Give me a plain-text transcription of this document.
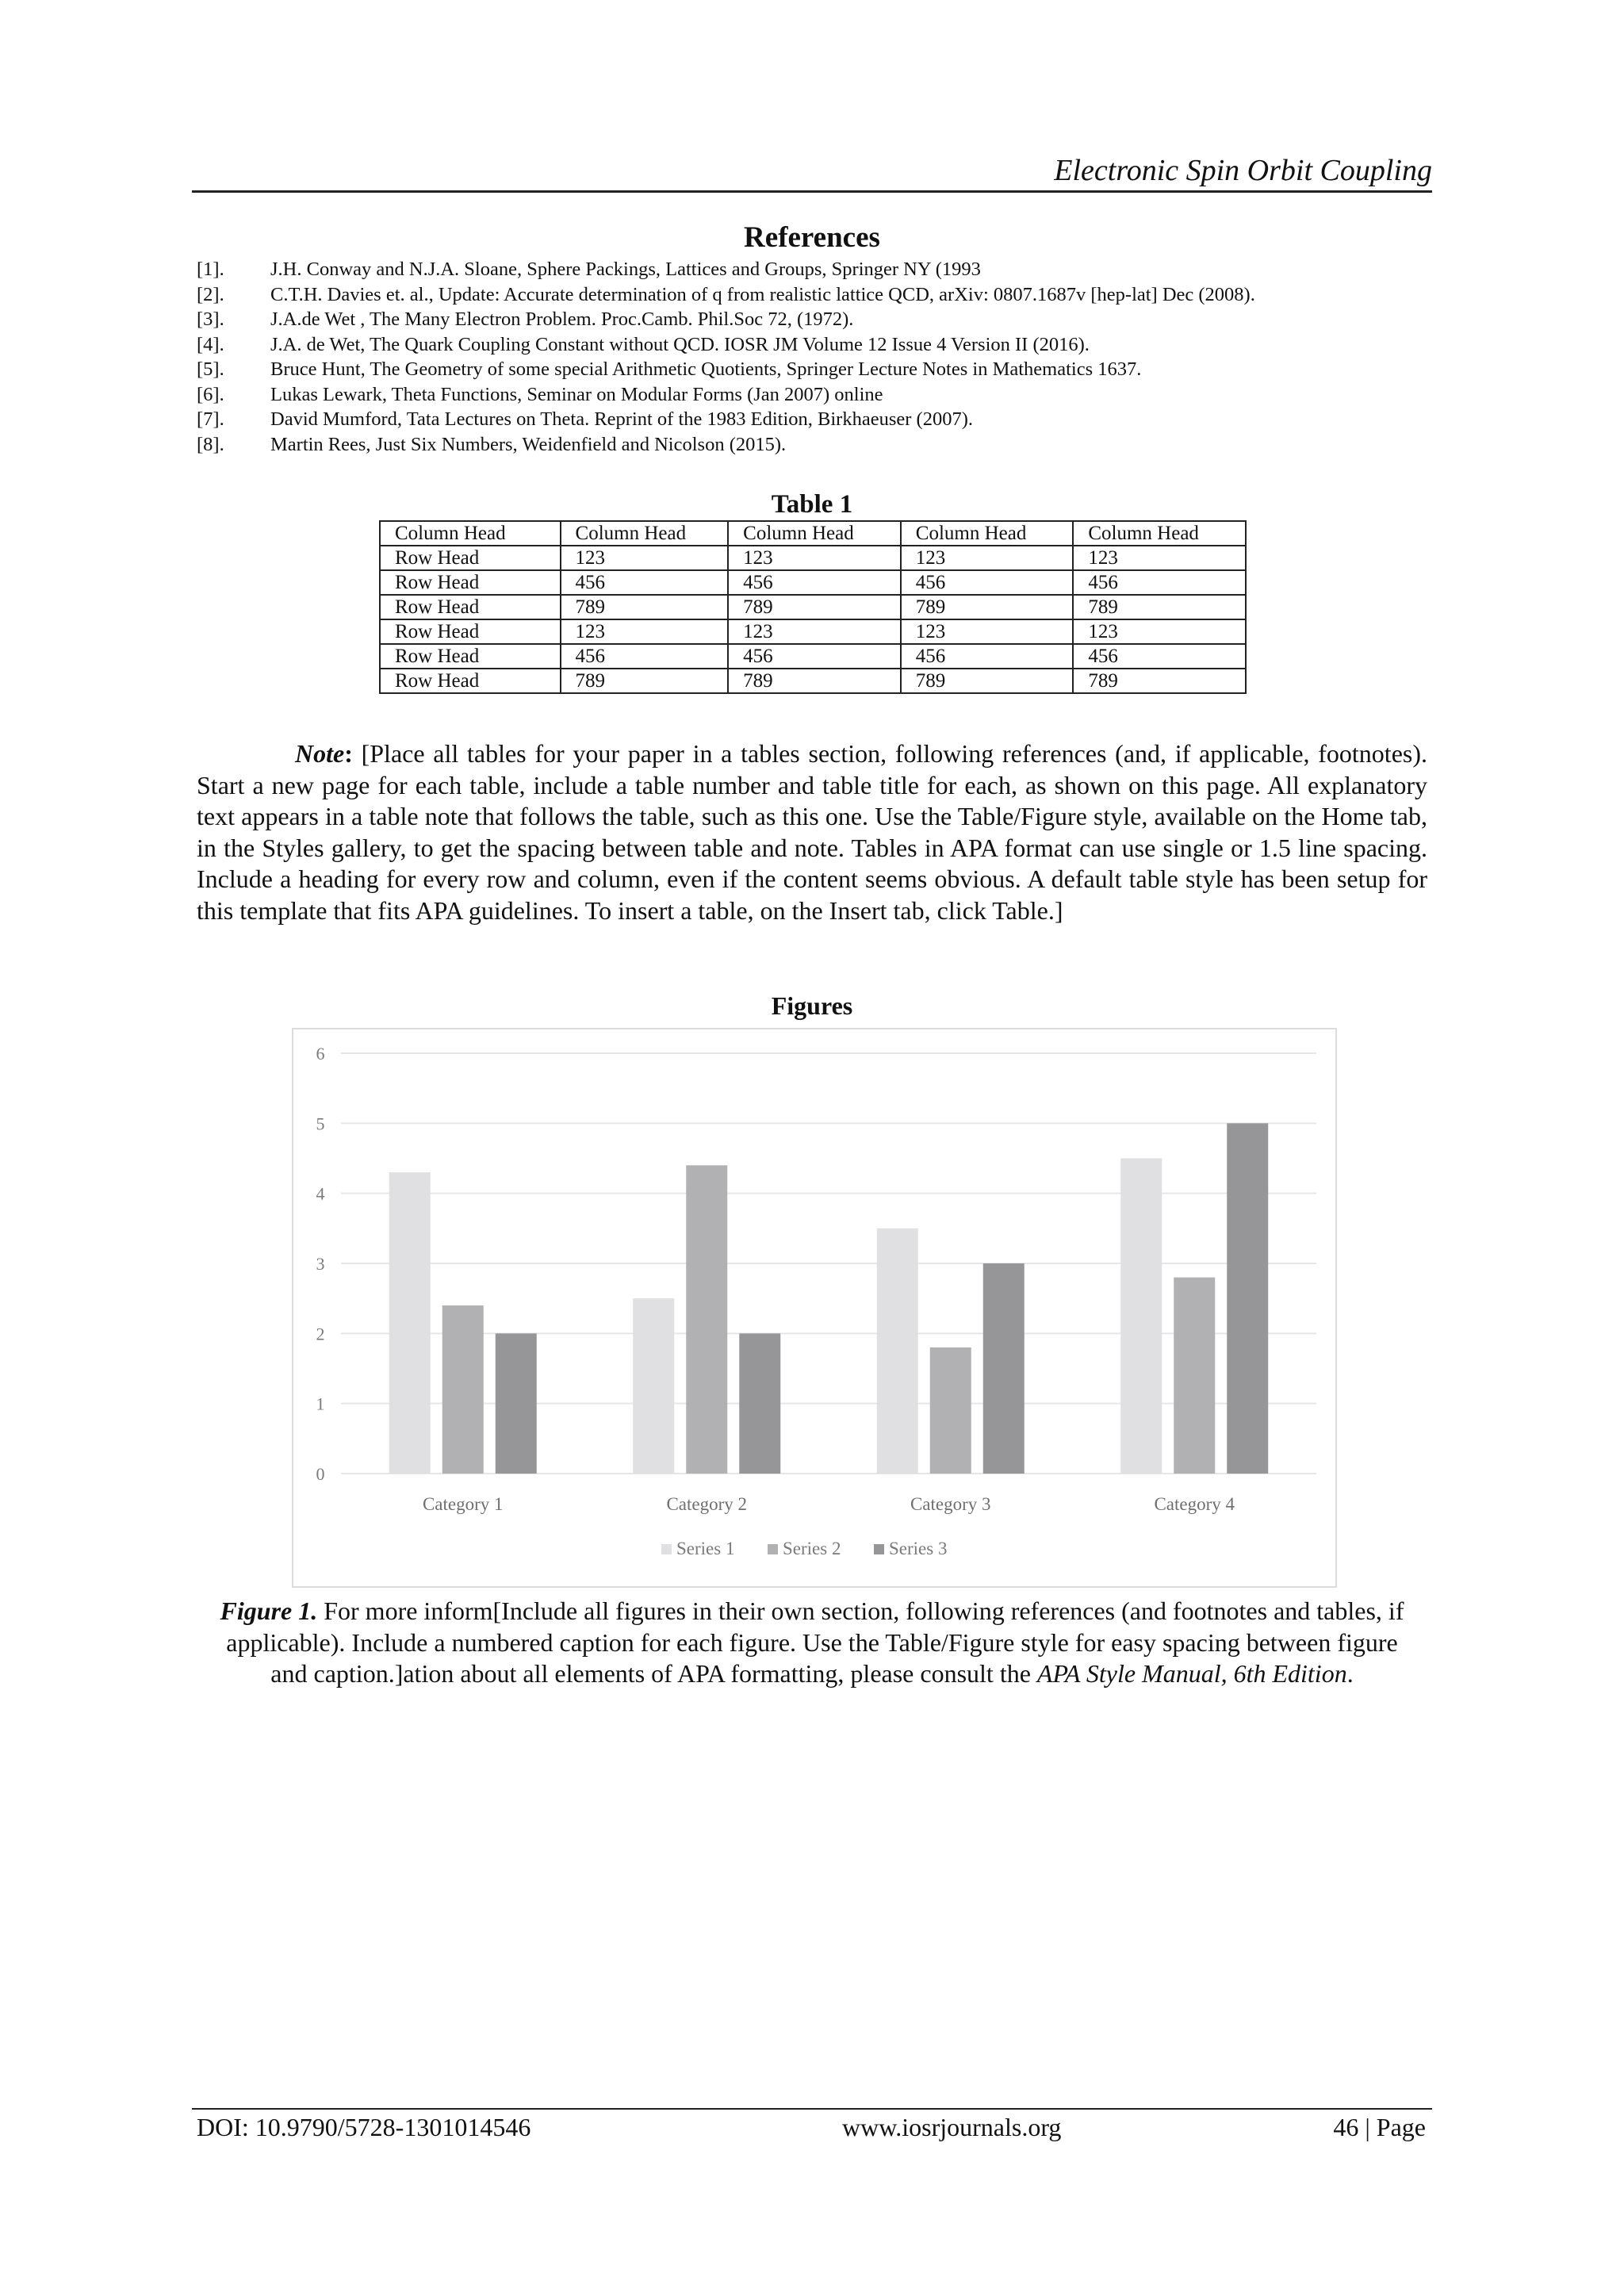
Electronic Spin Orbit Coupling
References
[1]. J.H. Conway and N.J.A. Sloane, Sphere Packings, Lattices and Groups, Springer NY (1993
[2]. C.T.H. Davies et. al., Update: Accurate determination of q from realistic lattice QCD, arXiv: 0807.1687v [hep-lat] Dec (2008).
[3]. J.A.de Wet , The Many Electron Problem. Proc.Camb. Phil.Soc 72, (1972).
[4]. J.A. de Wet, The Quark Coupling Constant without QCD. IOSR JM Volume 12 Issue 4 Version II (2016).
[5]. Bruce Hunt, The Geometry of some special Arithmetic Quotients, Springer Lecture Notes in Mathematics 1637.
[6]. Lukas Lewark, Theta Functions, Seminar on Modular Forms (Jan 2007) online
[7]. David Mumford, Tata Lectures on Theta. Reprint of the 1983 Edition, Birkhaeuser (2007).
[8]. Martin Rees, Just Six Numbers, Weidenfield and Nicolson (2015).
Table 1
Column Head	Column Head	Column Head	Column Head	Column Head
Row Head	123	123	123	123
Row Head	456	456	456	456
Row Head	789	789	789	789
Row Head	123	123	123	123
Row Head	456	456	456	456
Row Head	789	789	789	789
Note: [Place all tables for your paper in a tables section, following references (and, if applicable, footnotes). Start a new page for each table, include a table number and table title for each, as shown on this page. All explanatory text appears in a table note that follows the table, such as this one. Use the Table/Figure style, available on the Home tab, in the Styles gallery, to get the spacing between table and note. Tables in APA format can use single or 1.5 line spacing. Include a heading for every row and column, even if the content seems obvious. A default table style has been setup for this template that fits APA guidelines. To insert a table, on the Insert tab, click Table.]
Figures
0
1
2
3
4
5
6
Category 1	Category 2	Category 3	Category 4
Series 1	Series 2	Series 3
Figure 1. For more inform[Include all figures in their own section, following references (and footnotes and tables, if applicable). Include a numbered caption for each figure. Use the Table/Figure style for easy spacing between figure and caption.]ation about all elements of APA formatting, please consult the APA Style Manual, 6th Edition.
DOI: 10.9790/5728-1301014546	www.iosrjournals.org	46 | Page
